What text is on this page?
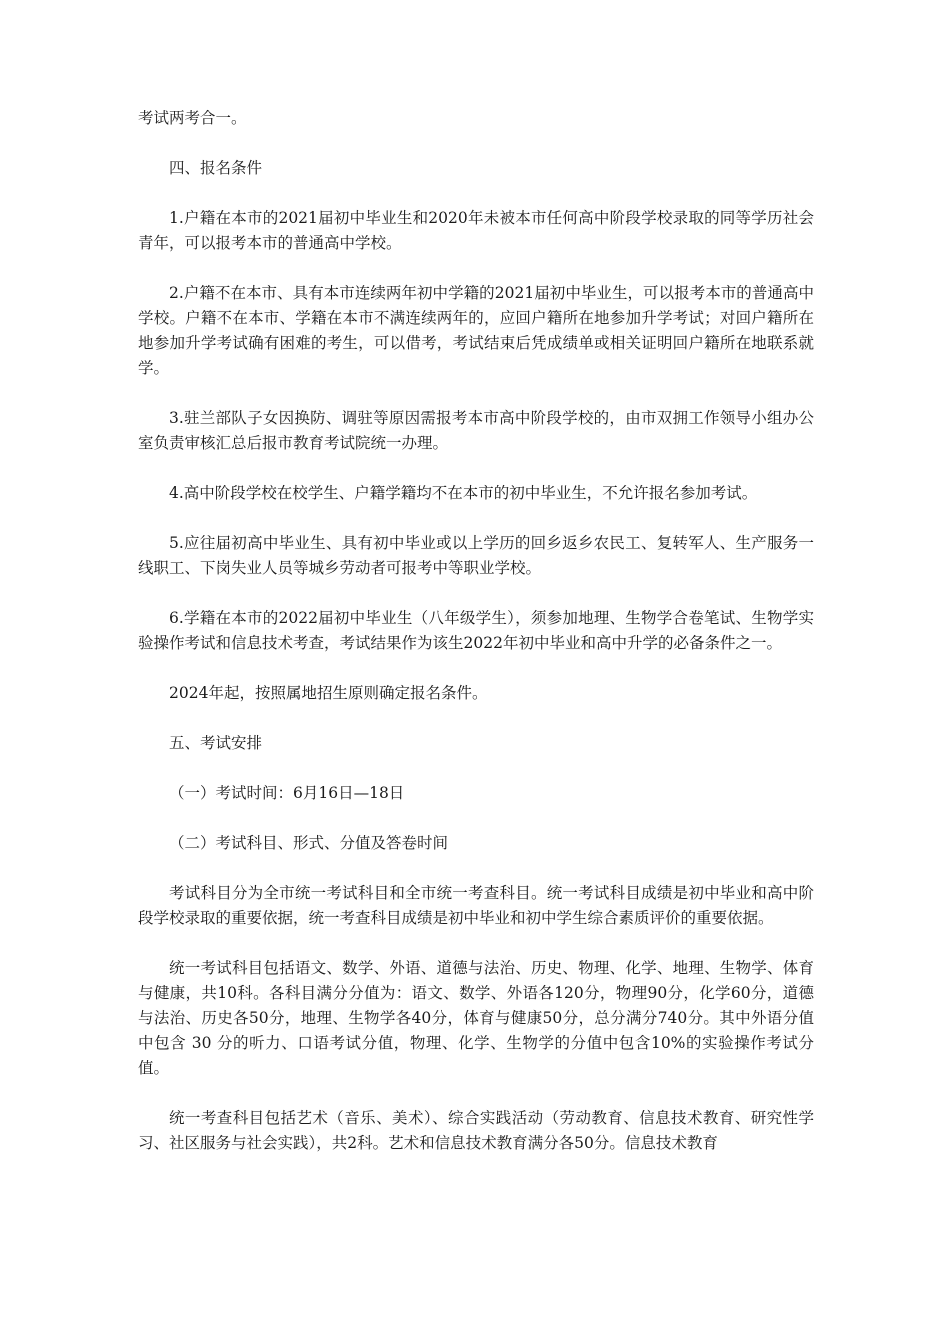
考试两考合一。

四、报名条件

1.户籍在本市的2021届初中毕业生和2020年未被本市任何高中阶段学校录取的同等学历社会青年，可以报考本市的普通高中学校。

2.户籍不在本市、具有本市连续两年初中学籍的2021届初中毕业生，可以报考本市的普通高中学校。户籍不在本市、学籍在本市不满连续两年的，应回户籍所在地参加升学考试；对回户籍所在地参加升学考试确有困难的考生，可以借考，考试结束后凭成绩单或相关证明回户籍所在地联系就学。

3.驻兰部队子女因换防、调驻等原因需报考本市高中阶段学校的，由市双拥工作领导小组办公室负责审核汇总后报市教育考试院统一办理。

4.高中阶段学校在校学生、户籍学籍均不在本市的初中毕业生，不允许报名参加考试。

5.应往届初高中毕业生、具有初中毕业或以上学历的回乡返乡农民工、复转军人、生产服务一线职工、下岗失业人员等城乡劳动者可报考中等职业学校。

6.学籍在本市的2022届初中毕业生（八年级学生），须参加地理、生物学合卷笔试、生物学实验操作考试和信息技术考查，考试结果作为该生2022年初中毕业和高中升学的必备条件之一。

2024年起，按照属地招生原则确定报名条件。

五、考试安排

（一）考试时间：6月16日—18日

（二）考试科目、形式、分值及答卷时间

考试科目分为全市统一考试科目和全市统一考查科目。统一考试科目成绩是初中毕业和高中阶段学校录取的重要依据，统一考查科目成绩是初中毕业和初中学生综合素质评价的重要依据。

统一考试科目包括语文、数学、外语、道德与法治、历史、物理、化学、地理、生物学、体育与健康，共10科。各科目满分分值为：语文、数学、外语各120分，物理90分，化学60分，道德与法治、历史各50分，地理、生物学各40分，体育与健康50分，总分满分740分。其中外语分值中包含 30 分的听力、口语考试分值，物理、化学、生物学的分值中包含10%的实验操作考试分值。

统一考查科目包括艺术（音乐、美术）、综合实践活动（劳动教育、信息技术教育、研究性学习、社区服务与社会实践），共2科。艺术和信息技术教育满分各50分。信息技术教育
